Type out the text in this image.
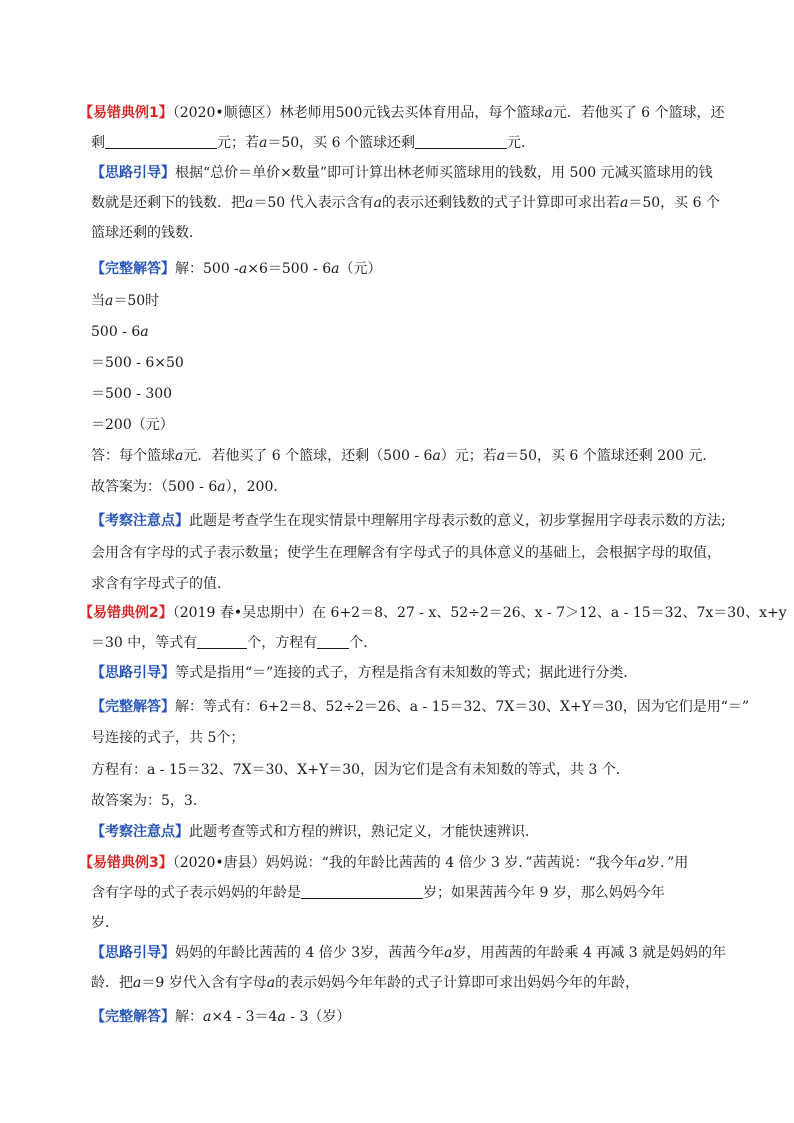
【易错典例1】（2020•顺德区）林老师用500元钱去买体育用品，每个篮球a元．若他买了 6 个篮球，还
剩	元；若a＝50，买 6 个篮球还剩	元．
【思路引导】根据“总价＝单价×数量”即可计算出林老师买篮球用的钱数，用 500 元减买篮球用的钱
数就是还剩下的钱数．把a＝50 代入表示含有a的表示还剩钱数的式子计算即可求出若a＝50，买 6 个
篮球还剩的钱数．
【完整解答】解：500 -a×6＝500 - 6a（元）
当a＝50时
500 - 6a
＝500 - 6×50
＝500 - 300
＝200（元）
答：每个篮球a元．若他买了 6 个篮球，还剩（500 - 6a）元；若a＝50，买 6 个篮球还剩 200 元．
故答案为：（500 - 6a），200．
【考察注意点】此题是考查学生在现实情景中理解用字母表示数的意义，初步掌握用字母表示数的方法;
会用含有字母的式子表示数量；使学生在理解含有字母式子的具体意义的基础上，会根据字母的取值，
求含有字母式子的值．
【易错典例2】（2019 春•吴忠期中）在 6+2＝8、27 - x、52÷2＝26、x - 7＞12、a - 15＝32、7x＝30、x+y
＝30 中，等式有	个，方程有 个．
【思路引导】等式是指用“＝”连接的式子，方程是指含有未知数的等式；据此进行分类．
【完整解答】解：等式有：6+2＝8、52÷2＝26、a - 15＝32、7X＝30、X+Y＝30，因为它们是用“＝”
号连接的式子，共 5个；
方程有：a - 15＝32、7X＝30、X+Y＝30，因为它们是含有未知数的等式，共 3 个．
故答案为：5，3．
【考察注意点】此题考查等式和方程的辨识，熟记定义，才能快速辨识．
【易错典例3】（2020•唐县）妈妈说：“我的年龄比茜茜的 4 倍少 3 岁．”茜茜说：“我今年a岁．”用
含有字母的式子表示妈妈的年龄是	岁；如果茜茜今年 9 岁，那么妈妈今年
岁．
【思路引导】妈妈的年龄比茜茜的 4 倍少 3岁，茜茜今年a岁，用茜茜的年龄乘 4 再减 3 就是妈妈的年
龄．把a＝9 岁代入含有字母a的表示妈妈今年年龄的式子计算即可求出妈妈今年的年龄，
【完整解答】解：a×4 - 3＝4a - 3（岁）
